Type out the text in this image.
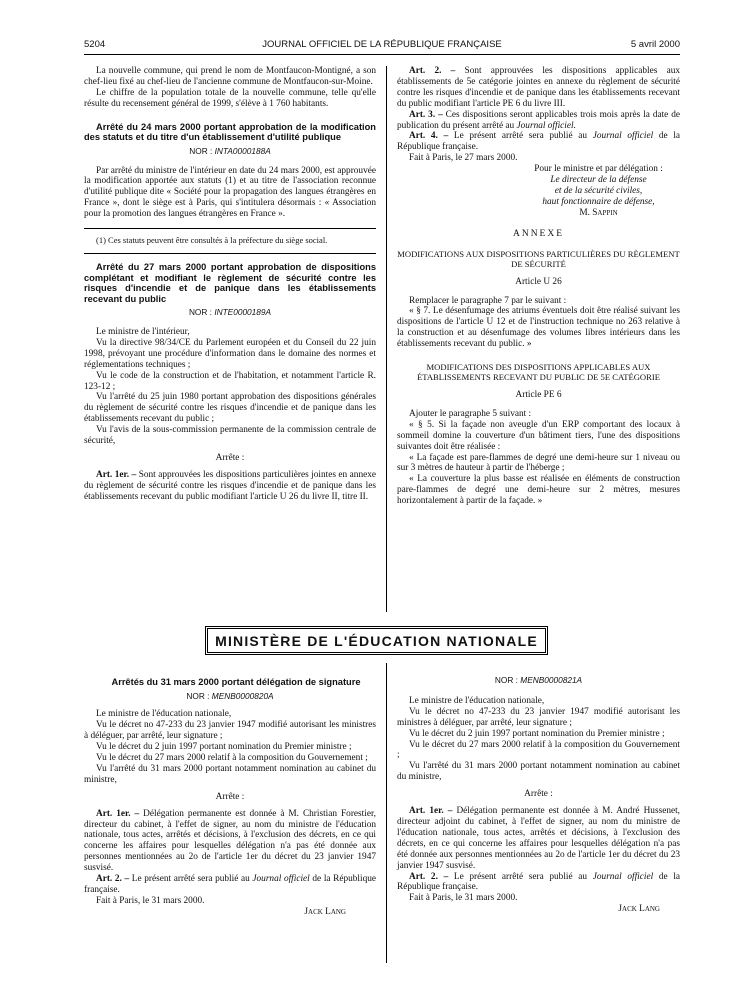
5204	JOURNAL OFFICIEL DE LA RÉPUBLIQUE FRANÇAISE	5 avril 2000

La nouvelle commune, qui prend le nom de Montfaucon-Montigné, a son chef-lieu fixé au chef-lieu de l'ancienne commune de Montfaucon-sur-Moine.

Le chiffre de la population totale de la nouvelle commune, telle qu'elle résulte du recensement général de 1999, s'élève à 1 760 habitants.

Arrêté du 24 mars 2000 portant approbation de la modification des statuts et du titre d'un établissement d'utilité publique

NOR : INTA0000188A

Par arrêté du ministre de l'intérieur en date du 24 mars 2000, est approuvée la modification apportée aux statuts (1) et au titre de l'association reconnue d'utilité publique dite « Société pour la propagation des langues étrangères en France », dont le siège est à Paris, qui s'intitulera désormais : « Association pour la promotion des langues étrangères en France ».

(1) Ces statuts peuvent être consultés à la préfecture du siège social.

Arrêté du 27 mars 2000 portant approbation de dispositions complétant et modifiant le règlement de sécurité contre les risques d'incendie et de panique dans les établissements recevant du public

NOR : INTE0000189A

Le ministre de l'intérieur,

Vu la directive 98/34/CE du Parlement européen et du Conseil du 22 juin 1998, prévoyant une procédure d'information dans le domaine des normes et réglementations techniques ;

Vu le code de la construction et de l'habitation, et notamment l'article R. 123-12 ;

Vu l'arrêté du 25 juin 1980 portant approbation des dispositions générales du règlement de sécurité contre les risques d'incendie et de panique dans les établissements recevant du public ;

Vu l'avis de la sous-commission permanente de la commission centrale de sécurité,

Arrête :

Art. 1er. – Sont approuvées les dispositions particulières jointes en annexe du règlement de sécurité contre les risques d'incendie et de panique dans les établissements recevant du public modifiant l'article U 26 du livre II, titre II.

Art. 2. – Sont approuvées les dispositions applicables aux établissements de 5e catégorie jointes en annexe du règlement de sécurité contre les risques d'incendie et de panique dans les établissements recevant du public modifiant l'article PE 6 du livre III.

Art. 3. – Ces dispositions seront applicables trois mois après la date de publication du présent arrêté au Journal officiel.

Art. 4. – Le présent arrêté sera publié au Journal officiel de la République française.

Fait à Paris, le 27 mars 2000.

Pour le ministre et par délégation :
Le directeur de la défense
et de la sécurité civiles,
haut fonctionnaire de défense,
M. Sappin
ANNEXE
MODIFICATIONS AUX DISPOSITIONS PARTICULIÈRES DU RÈGLEMENT DE SÉCURITÉ
Article U 26

Remplacer le paragraphe 7 par le suivant :

« § 7. Le désenfumage des atriums éventuels doit être réalisé suivant les dispositions de l'article U 12 et de l'instruction technique no 263 relative à la construction et au désenfumage des volumes libres intérieurs dans les établissements recevant du public. »

MODIFICATIONS DES DISPOSITIONS APPLICABLES AUX ÉTABLISSEMENTS RECEVANT DU PUBLIC DE 5E CATÉGORIE
Article PE 6

Ajouter le paragraphe 5 suivant :

« § 5. Si la façade non aveugle d'un ERP comportant des locaux à sommeil domine la couverture d'un bâtiment tiers, l'une des dispositions suivantes doit être réalisée :

« La façade est pare-flammes de degré une demi-heure sur 1 niveau ou sur 3 mètres de hauteur à partir de l'héberge ;

« La couverture la plus basse est réalisée en éléments de construction pare-flammes de degré une demi-heure sur 2 mètres, mesures horizontalement à partir de la façade. »

MINISTÈRE DE L'ÉDUCATION NATIONALE

Arrêtés du 31 mars 2000 portant délégation de signature

NOR : MENB0000820A

Le ministre de l'éducation nationale,

Vu le décret no 47-233 du 23 janvier 1947 modifié autorisant les ministres à déléguer, par arrêté, leur signature ;

Vu le décret du 2 juin 1997 portant nomination du Premier ministre ;

Vu le décret du 27 mars 2000 relatif à la composition du Gouvernement ;

Vu l'arrêté du 31 mars 2000 portant notamment nomination au cabinet du ministre,

Arrête :

Art. 1er. – Délégation permanente est donnée à M. Christian Forestier, directeur du cabinet, à l'effet de signer, au nom du ministre de l'éducation nationale, tous actes, arrêtés et décisions, à l'exclusion des décrets, en ce qui concerne les affaires pour lesquelles délégation n'a pas été donnée aux personnes mentionnées au 2o de l'article 1er du décret du 23 janvier 1947 susvisé.

Art. 2. – Le présent arrêté sera publié au Journal officiel de la République française.

Fait à Paris, le 31 mars 2000.

Jack Lang

NOR : MENB0000821A

Le ministre de l'éducation nationale,

Vu le décret no 47-233 du 23 janvier 1947 modifié autorisant les ministres à déléguer, par arrêté, leur signature ;

Vu le décret du 2 juin 1997 portant nomination du Premier ministre ;

Vu le décret du 27 mars 2000 relatif à la composition du Gouvernement ;

Vu l'arrêté du 31 mars 2000 portant notamment nomination au cabinet du ministre,

Arrête :

Art. 1er. – Délégation permanente est donnée à M. André Hussenet, directeur adjoint du cabinet, à l'effet de signer, au nom du ministre de l'éducation nationale, tous actes, arrêtés et décisions, à l'exclusion des décrets, en ce qui concerne les affaires pour lesquelles délégation n'a pas été donnée aux personnes mentionnées au 2o de l'article 1er du décret du 23 janvier 1947 susvisé.

Art. 2. – Le présent arrêté sera publié au Journal officiel de la République française.

Fait à Paris, le 31 mars 2000.

Jack Lang
